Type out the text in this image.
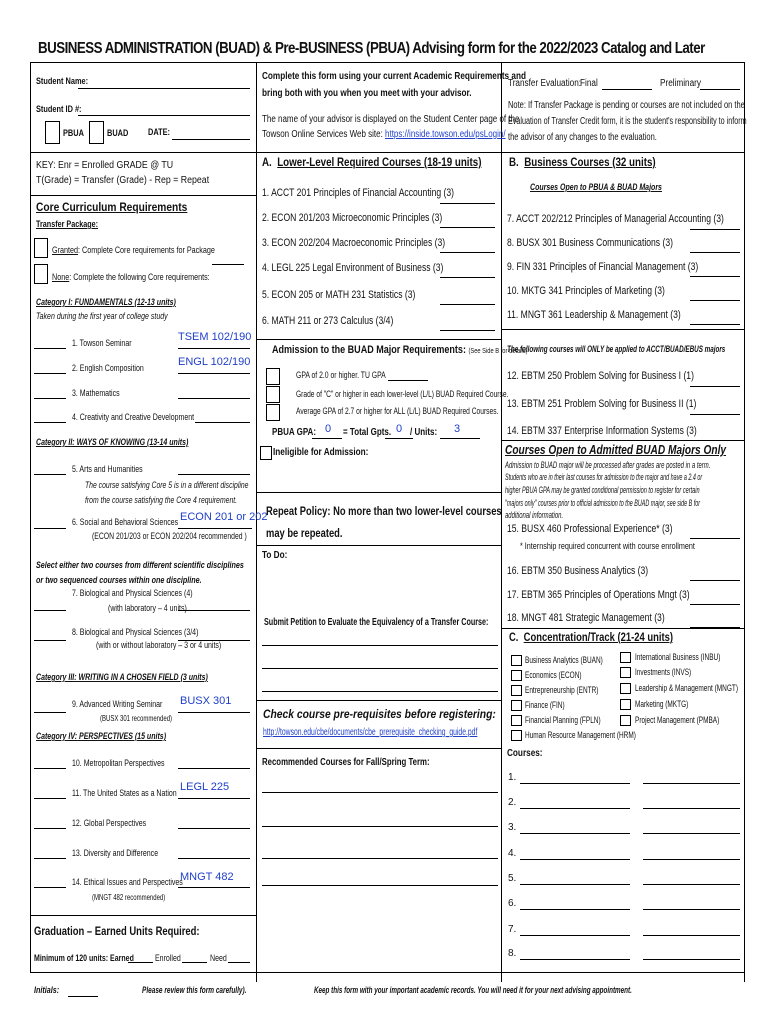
BUSINESS ADMINISTRATION (BUAD) & Pre-BUSINESS (PBUA) Advising form for the 2022/2023 Catalog and Later
Student Name:
Student ID #:
PBUA	BUAD DATE:
Complete this form using your current Academic Requirements and
bring both with you when you meet with your advisor.
The name of your advisor is displayed on the Student Center page of the
Towson Online Services Web site: https://inside.towson.edu/psLogin/
Transfer Evaluation:
Final	Preliminary
Note: If Transfer Package is pending or courses are not included on the
Evaluation of Transfer Credit form, it is the student's responsibility to inform
the advisor of any changes to the evaluation.
KEY: Enr = Enrolled GRADE @ TU
T(Grade) = Transfer (Grade) - Rep = Repeat
Core Curriculum Requirements
Transfer Package:
Granted: Complete Core requirements for Package
None: Complete the following Core requirements:
Category I: FUNDAMENTALS (12-13 units)
Taken during the first year of college study
1. Towson Seminar	TSEM 102/190
2. English Composition	ENGL 102/190
3. Mathematics
4. Creativity and Creative Development
Category II: WAYS OF KNOWING (13-14 units)
5. Arts and Humanities
The course satisfying Core 5 is in a different discipline
from the course satisfying the Core 4 requirement.
6. Social and Behavioral Sciences ECON 201 or 202
(ECON 201/203 or ECON 202/204 recommended )
Select either two courses from different scientific disciplines
or two sequenced courses within one discipline.
7. Biological and Physical Sciences (4)
(with laboratory – 4 units)
8. Biological and Physical Sciences (3/4)
(with or without laboratory – 3 or 4 units)
Category III: WRITING IN A CHOSEN FIELD (3 units)
9. Advanced Writing Seminar BUSX 301
(BUSX 301 recommended)
Category IV: PERSPECTIVES (15 units)
10. Metropolitan Perspectives
11. The United States as a Nation LEGL 225
12. Global Perspectives
13. Diversity and Difference
14. Ethical Issues and Perspectives
MNGT 482
(MNGT 482 recommended)
Graduation – Earned Units Required:
Minimum of 120 units: Earned Enrolled	Need
A. Lower-Level Required Courses (18-19 units)
1. ACCT 201 Principles of Financial Accounting (3)
2. ECON 201/203 Microeconomic Principles (3)
3. ECON 202/204 Macroeconomic Principles (3)
4. LEGL 225 Legal Environment of Business (3)
5. ECON 205 or MATH 231 Statistics (3)
6. MATH 211 or 273 Calculus (3/4)
Admission to the BUAD Major Requirements: (See Side B for details)
GPA of 2.0 or higher. TU GPA
Grade of "C" or higher in each lower-level (L/L) BUAD Required Course.
Average GPA of 2.7 or higher for ALL (L/L) BUAD Required Courses.
PBUA GPA: 0 = Total Gpts. 0 / Units: 3
Ineligible for Admission:
Repeat Policy: No more than two lower-level courses
may be repeated.
To Do:
Submit Petition to Evaluate the Equivalency of a Transfer Course:
Check course pre-requisites before registering:
http://towson.edu/cbe/documents/cbe_prerequisite_checking_guide.pdf
Recommended Courses for Fall/Spring Term:
B. Business Courses (32 units)
Courses Open to PBUA & BUAD Majors
7. ACCT 202/212 Principles of Managerial Accounting (3)
8. BUSX 301 Business Communications (3)
9. FIN 331 Principles of Financial Management (3)
10. MKTG 341 Principles of Marketing (3)
11. MNGT 361 Leadership & Management (3)
The following courses will ONLY be applied to ACCT/BUAD/EBUS majors
12. EBTM 250 Problem Solving for Business I (1)
13. EBTM 251 Problem Solving for Business II (1)
14. EBTM 337 Enterprise Information Systems (3)
Courses Open to Admitted BUAD Majors Only
Admission to BUAD major will be processed after grades are posted in a term.
Students who are in their last courses for admission to the major and have a 2.4 or
higher PBUA GPA may be granted conditional permission to register for certain
"majors only" courses prior to official admission to the BUAD major, see side B for
additional information.
15. BUSX 460 Professional Experience* (3)
* Internship required concurrent with course enrollment
16. EBTM 350 Business Analytics (3)
17. EBTM 365 Principles of Operations Mngt (3)
18. MNGT 481 Strategic Management (3)
C. Concentration/Track (21-24 units)
Business Analytics (BUAN)
Economics (ECON)
Entrepreneurship (ENTR)
Finance (FIN)
Financial Planning (FPLN)
Human Resource Management (HRM)
International Business (INBU)
Investments (INVS)
Leadership & Management (MNGT)
Marketing (MKTG)
Project Management (PMBA)
Courses:
1.
2.
3.
4.
5.
6.
7.
8.
Initials:	Please review this form carefully).	Keep this form with your important academic records. You will need it for your next advising appointment.
